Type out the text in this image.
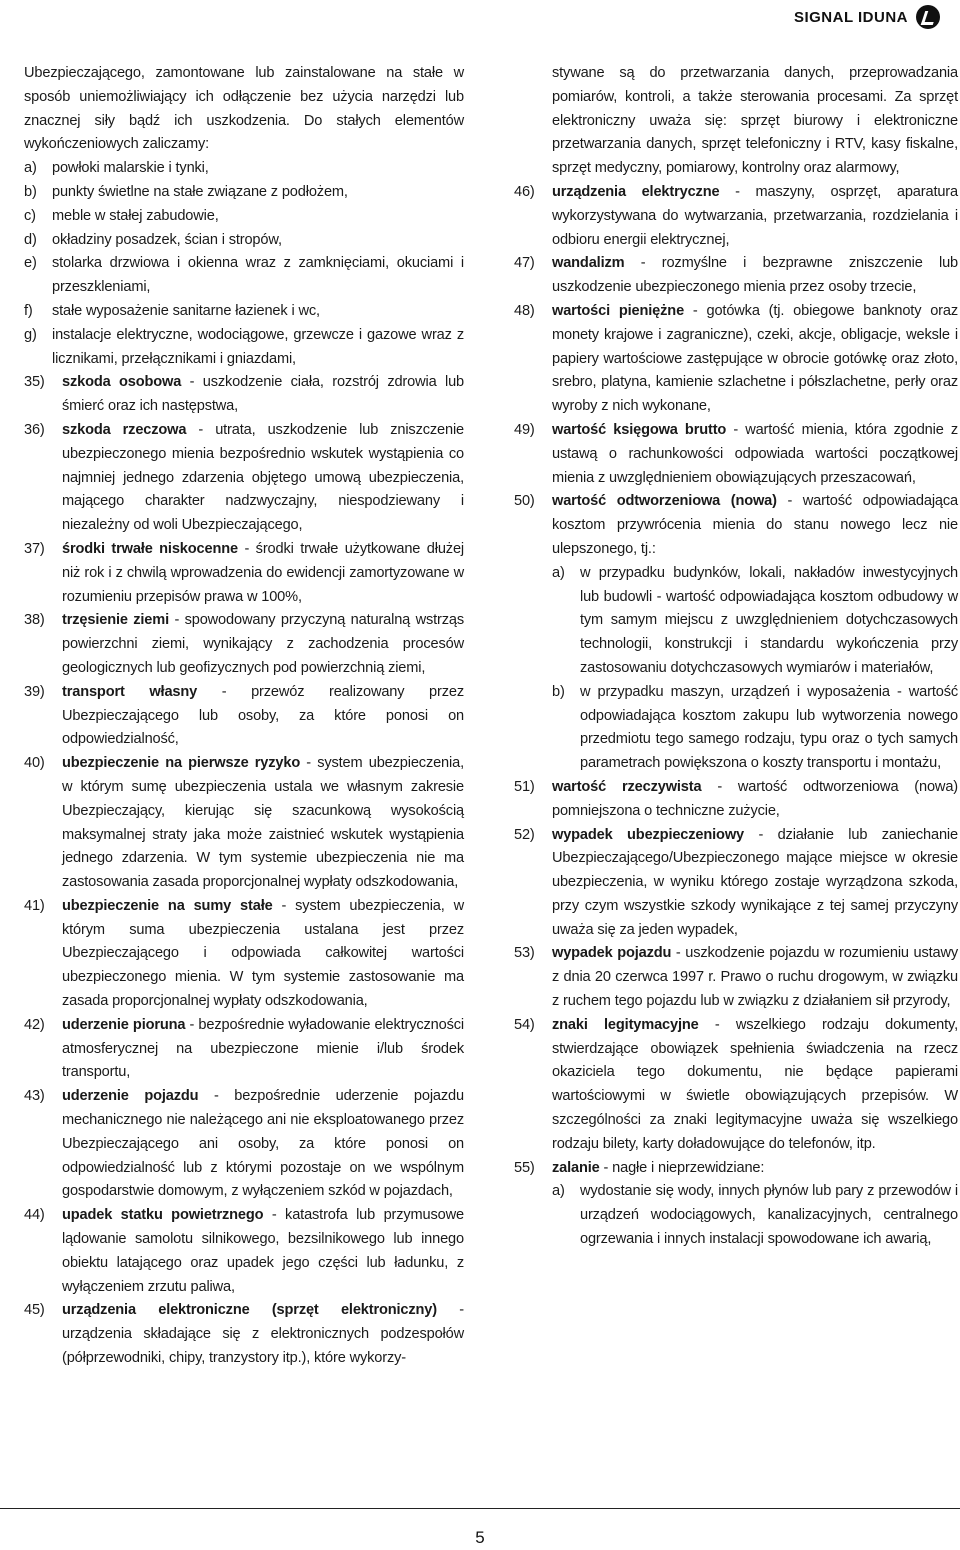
SIGNAL IDUNA

Ubezpieczającego, zamontowane lub zainstalowane na stałe w sposób uniemożliwiający ich odłączenie bez użycia narzędzi lub znacznej siły bądź ich uszkodzenia. Do stałych elementów wykończeniowych zaliczamy:

a)	powłoki malarskie i tynki,
b)	punkty świetlne na stałe związane z podłożem,
c)	meble w stałej zabudowie,
d)	okładziny posadzek, ścian i stropów,
e)	stolarka drzwiowa i okienna wraz z zamknięciami, okuciami i przeszkleniami,
f)	stałe wyposażenie sanitarne łazienek i wc,
g)	instalacje elektryczne, wodociągowe, grzewcze i gazowe wraz z licznikami, przełącznikami i gniazdami,
35)	szkoda osobowa - uszkodzenie ciała, rozstrój zdrowia lub śmierć oraz ich następstwa,

36)	szkoda rzeczowa - utrata, uszkodzenie lub zniszczenie ubezpieczonego mienia bezpośrednio wskutek wystąpienia co najmniej jednego zdarzenia objętego umową ubezpieczenia, mającego charakter nadzwyczajny, niespodziewany i niezależny od woli Ubezpieczającego,

37)	środki trwałe niskocenne - środki trwałe użytkowane dłużej niż rok i z chwilą wprowadzenia do ewidencji zamortyzowane w rozumieniu przepisów prawa w 100%,

38)	trzęsienie ziemi - spowodowany przyczyną naturalną wstrząs powierzchni ziemi, wynikający z zachodzenia procesów geologicznych lub geofizycznych pod powierzchnią ziemi,

39)	transport własny - przewóz realizowany przez Ubezpieczającego lub osoby, za które ponosi on odpowiedzialność,

40)	ubezpieczenie na pierwsze ryzyko - system ubezpieczenia, w którym sumę ubezpieczenia ustala we własnym zakresie Ubezpieczający, kierując się szacunkową wysokością maksymalnej straty jaka może zaistnieć wskutek wystąpienia jednego zdarzenia. W tym systemie ubezpieczenia nie ma zastosowania zasada proporcjonalnej wypłaty odszkodowania,

41)	ubezpieczenie na sumy stałe - system ubezpieczenia, w którym suma ubezpieczenia ustalana jest przez Ubezpieczającego i odpowiada całkowitej wartości ubezpieczonego mienia. W tym systemie zastosowanie ma zasada proporcjonalnej wypłaty odszkodowania,

42)	uderzenie pioruna - bezpośrednie wyładowanie elektryczności atmosferycznej na ubezpieczone mienie i/lub środek transportu,

43)	uderzenie pojazdu - bezpośrednie uderzenie pojazdu mechanicznego nie należącego ani nie eksploatowanego przez Ubezpieczającego ani osoby, za które ponosi on odpowiedzialność lub z którymi pozostaje on we wspólnym gospodarstwie domowym, z wyłączeniem szkód w pojazdach,

44)	upadek statku powietrznego - katastrofa lub przymusowe lądowanie samolotu silnikowego, bezsilnikowego lub innego obiektu latającego oraz upadek jego części lub ładunku, z wyłączeniem zrzutu paliwa,

45)	urządzenia elektroniczne (sprzęt elektroniczny) - urządzenia składające się z elektronicznych podzespołów (półprzewodniki, chipy, tranzystory itp.), które wykorzy-

stywane są do przetwarzania danych, przeprowadzania pomiarów, kontroli, a także sterowania procesami. Za sprzęt elektroniczny uważa się: sprzęt biurowy i elektroniczne przetwarzania danych, sprzęt telefoniczny i RTV, kasy fiskalne, sprzęt medyczny, pomiarowy, kontrolny oraz alarmowy,

46)	urządzenia elektryczne - maszyny, osprzęt, aparatura wykorzystywana do wytwarzania, przetwarzania, rozdzielania i odbioru energii elektrycznej,

47)	wandalizm - rozmyślne i bezprawne zniszczenie lub uszkodzenie ubezpieczonego mienia przez osoby trzecie,

48)	wartości pieniężne - gotówka (tj. obiegowe banknoty oraz monety krajowe i zagraniczne), czeki, akcje, obligacje, weksle i papiery wartościowe zastępujące w obrocie gotówkę oraz złoto, srebro, platyna, kamienie szlachetne i półszlachetne, perły oraz wyroby z nich wykonane,

49)	wartość księgowa brutto - wartość mienia, która zgodnie z ustawą o rachunkowości odpowiada wartości początkowej mienia z uwzględnieniem obowiązujących przeszacowań,

50)	wartość odtworzeniowa (nowa) - wartość odpowiadająca kosztom przywrócenia mienia do stanu nowego lecz nie ulepszonego, tj.:

a)	w przypadku budynków, lokali, nakładów inwestycyjnych lub budowli - wartość odpowiadająca kosztom odbudowy w tym samym miejscu z uwzględnieniem dotychczasowych technologii, konstrukcji i standardu wykończenia przy zastosowaniu dotychczasowych wymiarów i materiałów,
b)	w przypadku maszyn, urządzeń i wyposażenia - wartość odpowiadająca kosztom zakupu lub wytworzenia nowego przedmiotu tego samego rodzaju, typu oraz o tych samych parametrach powiększona o koszty transportu i montażu,
51)	wartość rzeczywista - wartość odtworzeniowa (nowa) pomniejszona o techniczne zużycie,

52)	wypadek ubezpieczeniowy - działanie lub zaniechanie Ubezpieczającego/Ubezpieczonego mające miejsce w okresie ubezpieczenia, w wyniku którego zostaje wyrządzona szkoda, przy czym wszystkie szkody wynikające z tej samej przyczyny uważa się za jeden wypadek,

53)	wypadek pojazdu - uszkodzenie pojazdu w rozumieniu ustawy z dnia 20 czerwca 1997 r. Prawo o ruchu drogowym, w związku z ruchem tego pojazdu lub w związku z działaniem sił przyrody,

54)	znaki legitymacyjne - wszelkiego rodzaju dokumenty, stwierdzające obowiązek spełnienia świadczenia na rzecz okaziciela tego dokumentu, nie będące papierami wartościowymi w świetle obowiązujących przepisów. W szczególności za znaki legitymacyjne uważa się wszelkiego rodzaju bilety, karty doładowujące do telefonów, itp.

55)	zalanie - nagłe i nieprzewidziane:

a)	wydostanie się wody, innych płynów lub pary z przewodów i urządzeń wodociągowych, kanalizacyjnych, centralnego ogrzewania i innych instalacji spowodowane ich awarią,
5
